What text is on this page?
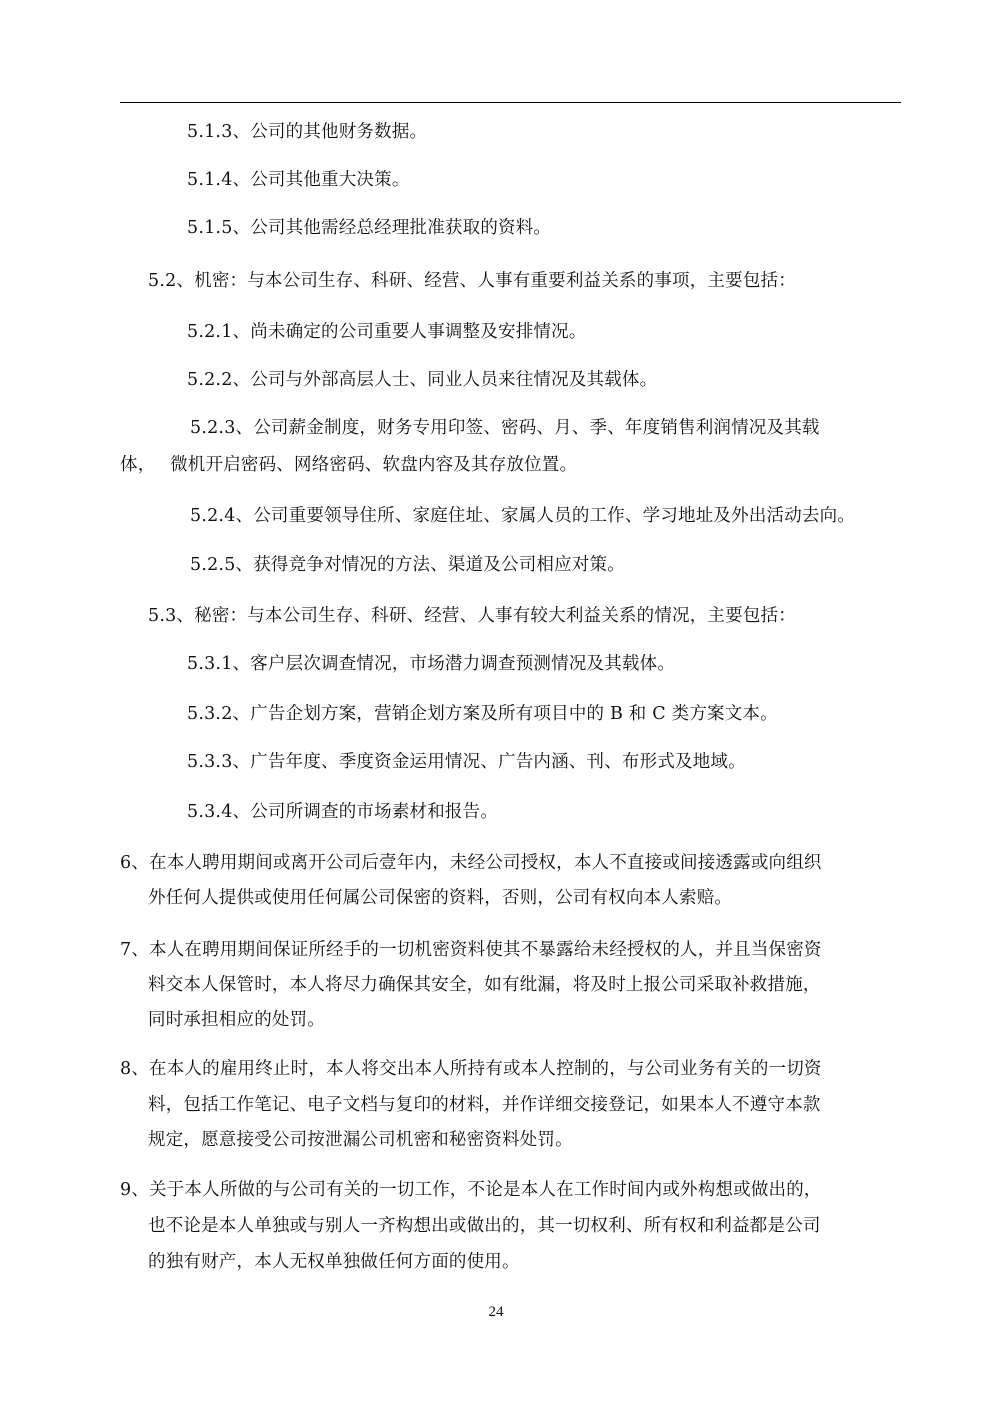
5.1.3、公司的其他财务数据。
5.1.4、公司其他重大决策。
5.1.5、公司其他需经总经理批准获取的资料。
5.2、机密：与本公司生存、科研、经营、人事有重要利益关系的事项，主要包括：
5.2.1、尚未确定的公司重要人事调整及安排情况。
5.2.2、公司与外部高层人士、同业人员来往情况及其载体。
5.2.3、公司薪金制度，财务专用印签、密码、月、季、年度销售利润情况及其载
体，　 微机开启密码、网络密码、软盘内容及其存放位置。
5.2.4、公司重要领导住所、家庭住址、家属人员的工作、学习地址及外出活动去向。
5.2.5、获得竞争对情况的方法、渠道及公司相应对策。
5.3、秘密：与本公司生存、科研、经营、人事有较大利益关系的情况，主要包括：
5.3.1、客户层次调查情况，市场潜力调查预测情况及其载体。
5.3.2、广告企划方案，营销企划方案及所有项目中的 B 和 C 类方案文本。
5.3.3、广告年度、季度资金运用情况、广告内涵、刊、布形式及地域。
5.3.4、公司所调查的市场素材和报告。
6、在本人聘用期间或离开公司后壹年内，未经公司授权，本人不直接或间接透露或向组织
外任何人提供或使用任何属公司保密的资料，否则，公司有权向本人索赔。
7、本人在聘用期间保证所经手的一切机密资料使其不暴露给未经授权的人，并且当保密资
料交本人保管时，本人将尽力确保其安全，如有纰漏，将及时上报公司采取补救措施，
同时承担相应的处罚。
8、在本人的雇用终止时，本人将交出本人所持有或本人控制的，与公司业务有关的一切资
料，包括工作笔记、电子文档与复印的材料，并作详细交接登记，如果本人不遵守本款
规定，愿意接受公司按泄漏公司机密和秘密资料处罚。
9、关于本人所做的与公司有关的一切工作，不论是本人在工作时间内或外构想或做出的，
也不论是本人单独或与别人一齐构想出或做出的，其一切权利、所有权和利益都是公司
的独有财产，本人无权单独做任何方面的使用。
24
